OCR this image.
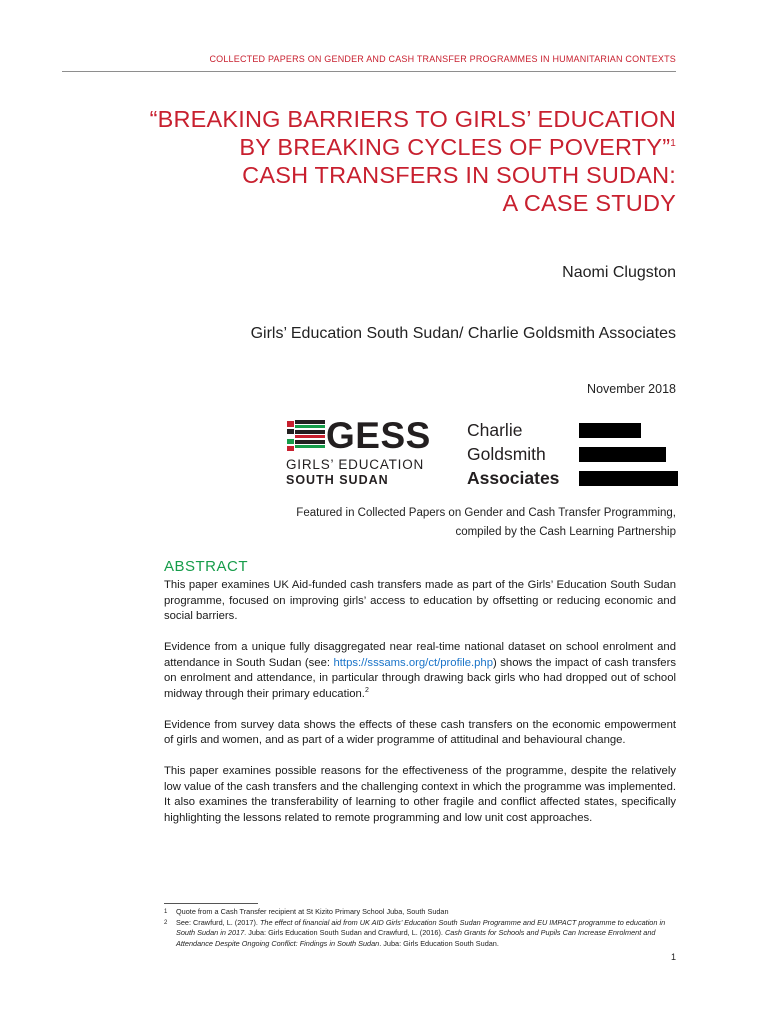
COLLECTED PAPERS ON GENDER AND CASH TRANSFER PROGRAMMES IN HUMANITARIAN CONTEXTS
“BREAKING BARRIERS TO GIRLS’ EDUCATION
BY BREAKING CYCLES OF POVERTY”$^1$
CASH TRANSFERS IN SOUTH SUDAN:
A CASE STUDY
Naomi Clugston
Girls’ Education South Sudan/ Charlie Goldsmith Associates
November 2018
GESS
GIRLS’ EDUCATION
SOUTH SUDAN
Charlie
Goldsmith
Associates
Featured in Collected Papers on Gender and Cash Transfer Programming,
compiled by the Cash Learning Partnership
ABSTRACT

This paper examines UK Aid-funded cash transfers made as part of the Girls’ Education South Sudan programme, focused on improving girls’ access to education by offsetting or reducing economic and social barriers.

Evidence from a unique fully disaggregated near real-time national dataset on school enrolment and attendance in South Sudan (see: https://sssams.org/ct/profile.php) shows the impact of cash transfers on enrolment and attendance, in particular through drawing back girls who had dropped out of school midway through their primary education.$^2$

Evidence from survey data shows the effects of these cash transfers on the economic empowerment of girls and women, and as part of a wider programme of attitudinal and behavioural change.

This paper examines possible reasons for the effectiveness of the programme, despite the relatively low value of the cash transfers and the challenging context in which the programme was implemented. It also examines the transferability of learning to other fragile and conflict affected states, specifically highlighting the lessons related to remote programming and low unit cost approaches.

1 Quote from a Cash Transfer recipient at St Kizito Primary School Juba, South Sudan
2 See: Crawfurd, L. (2017). The effect of financial aid from UK AID Girls’ Education South Sudan Programme and EU IMPACT programme to education in South Sudan in 2017. Juba: Girls Education South Sudan and Crawfurd, L. (2016). Cash Grants for Schools and Pupils Can Increase Enrolment and Attendance Despite Ongoing Conflict: Findings in South Sudan. Juba: Girls Education South Sudan.
1
